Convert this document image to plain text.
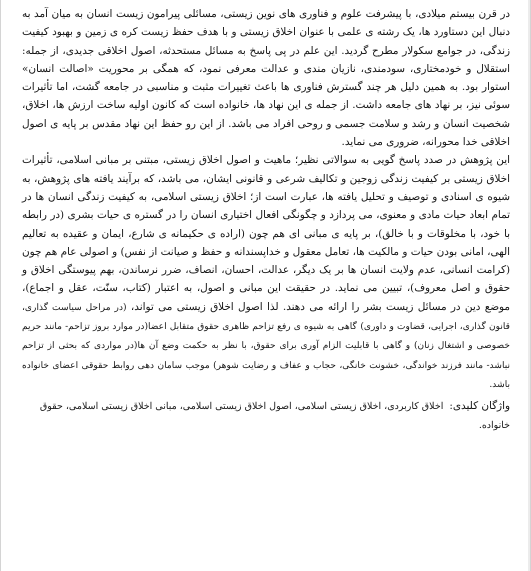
در قرن بیستم میلادی، با پیشرفت علوم و فناوری های نوین زیستی، مسائلی پیرامون زیست انسان به میان آمد به دنبال این دستاورد ها، یک رشته ی علمی با عنوان اخلاق زیستی و با هدف حفظ زیست کره ی زمین و بهبود کیفیت زندگی، در جوامع سکولار مطرح گردید. این علم در پی پاسخ به مسائل مستحدثه، اصول اخلاقی جدیدی، از جمله: استقلال و خودمختاری، سودمندی، نازیان مندی و عدالت معرفی نمود، که همگی بر محوریت «اصالت انسان» استوار بود. به همین دلیل هر چند گسترش فناوری ها باعث تغییرات مثبت و مناسبی در جامعه گشت، اما تأثیرات سوئی نیز، بر نهاد های جامعه داشت. از جمله ی این نهاد ها، خانواده است که کانون اولیه ساخت ارزش ها، اخلاق، شخصیت انسان و رشد و سلامت جسمی و روحی افراد می باشد. از این رو حفظ این نهاد مقدس بر پایه ی اصول اخلاقی خدا محورانه، ضروری می نماید.

این پژوهش در صدد پاسخ گویی به سوالاتی نظیر؛ ماهیت و اصول اخلاق زیستی، مبتنی بر مبانی اسلامی، تأثیرات اخلاق زیستی بر کیفیت زندگی زوجین و تکالیف شرعی و قانونی ایشان، می باشد، که برآیند یافته های پژوهش، به شیوه ی اسنادی و توصیف و تحلیل یافته ها، عبارت است از؛ اخلاق زیستی اسلامی، به کیفیت زندگی انسان ها در تمام ابعاد حیات مادی و معنوی، می پردازد و چگونگی افعال اختیاری انسان را در گستره ی حیات بشری (در رابطه با خود، با مخلوقات و با خالق)، بر پایه ی مبانی ای هم چون (اراده ی حکیمانه ی شارع، ایمان و عقیده به تعالیم الهی، امانی بودن حیات و مالکیت ها، تعامل معقول و خداپسندانه و حفظ و صیانت از نفس) و اصولی عام هم چون (کرامت انسانی، عدم ولایت انسان ها بر یک دیگر، عدالت، احسان، انصاف، ضرر نرساندن، بهم پیوستگی اخلاق و حقوق و اصل معروف)، تبیین می نماید. در حقیقت این مبانی و اصول، به اعتبار (کتاب، سنّت، عقل و اجماع)، موضع دین در مسائل زیست بشر را ارائه می دهند. لذا اصول اخلاق زیستی می تواند، (در مراحل سیاست گذاری، قانون گذاری، اجرایی، قضاوت و داوری) گاهی به شیوه ی رفع تزاحم ظاهری حقوق متقابل اعضا(در موارد بروز تزاحم- مانند حریم خصوصی و اشتغال زنان) و گاهی با قابلیت الزام آوری برای حقوق، با نظر به حکمت وضع آن ها(در مواردی که بحثی از تزاحم نباشد- مانند فرزند خواندگی، خشونت خانگی، حجاب و عفاف و رضایت شوهر) موجب سامان دهی روابط حقوقی اعضای خانواده باشد.

واژگان کلیدی:  اخلاق کاربردی، اخلاق زیستی اسلامی، اصول اخلاق زیستی اسلامی، مبانی اخلاق زیستی اسلامی، حقوق خانواده.
